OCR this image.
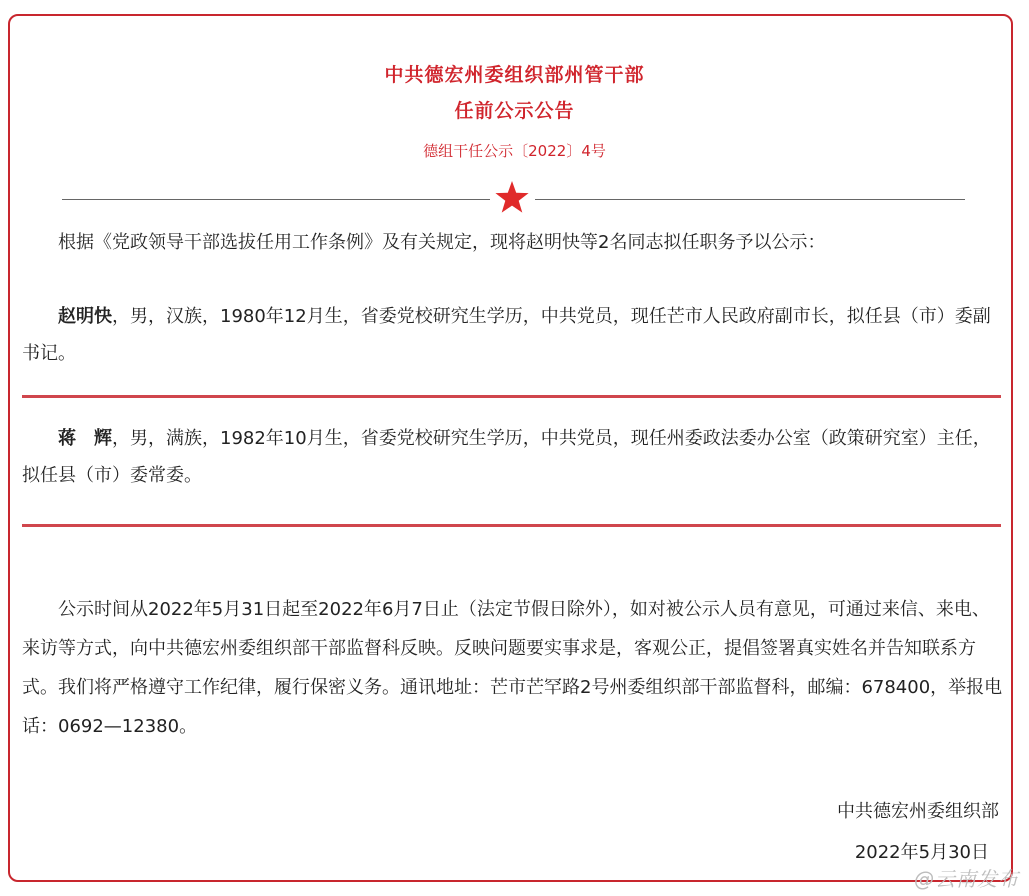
中共德宏州委组织部州管干部
任前公示公告
德组干任公示〔2022〕4号

根据《党政领导干部选拔任用工作条例》及有关规定，现将赵明快等2名同志拟任职务予以公示：

赵明快，男，汉族，1980年12月生，省委党校研究生学历，中共党员，现任芒市人民政府副市长，拟任县（市）委副书记。

蒋　辉，男，满族，1982年10月生，省委党校研究生学历，中共党员，现任州委政法委办公室（政策研究室）主任，拟任县（市）委常委。

公示时间从2022年5月31日起至2022年6月7日止（法定节假日除外），如对被公示人员有意见，可通过来信、来电、来访等方式，向中共德宏州委组织部干部监督科反映。反映问题要实事求是，客观公正，提倡签署真实姓名并告知联系方式。我们将严格遵守工作纪律，履行保密义务。通讯地址：芒市芒罕路2号州委组织部干部监督科，邮编：678400，举报电话：0692—12380。

中共德宏州委组织部
2022年5月30日
@云南发布
